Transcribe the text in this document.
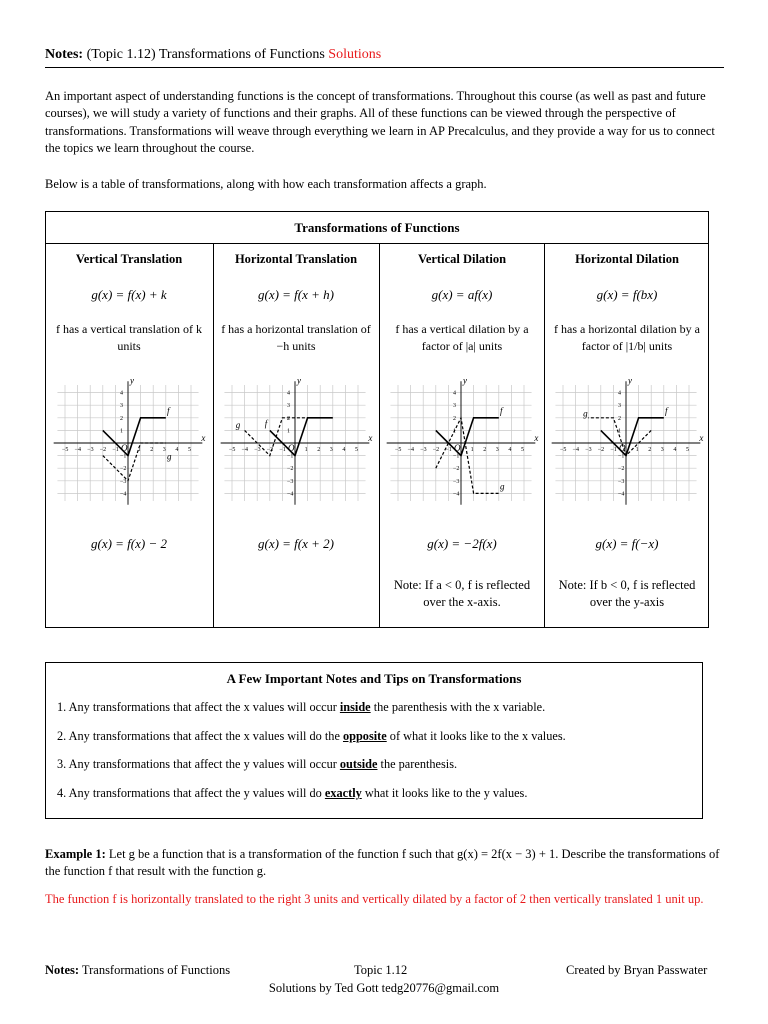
Notes: (Topic 1.12) Transformations of Functions Solutions
An important aspect of understanding functions is the concept of transformations. Throughout this course (as well as past and future courses), we will study a variety of functions and their graphs. All of these functions can be viewed through the perspective of transformations. Transformations will weave through everything we learn in AP Precalculus, and they provide a way for us to connect the topics we learn throughout the course.
Below is a table of transformations, along with how each transformation affects a graph.
Transformations of Functions
Vertical Translation
g(x) = f(x) + k
f has a vertical translation of k units
−5 −4 −3 −2 −1	1 2 3 4 5
4
3
2
1
−1
−2
−3
−4
O
x
y
f
g
g(x) = f(x) − 2
Horizontal Translation
g(x) = f(x + h)
f has a horizontal translation of −h units
−5 −4 −3 −2 −1	1 2 3 4 5
4
3
2
1
−1
−2
−3
−4
O
x
y
f
g
g(x) = f(x + 2)
Vertical Dilation
g(x) = af(x)
f has a vertical dilation by a factor of |a| units
−5 −4 −3 −2 −1	1 2 3 4 5
4
3
2
1
−1
−2
−3
−4
O
x
y
f
g
g(x) = −2f(x)
Note: If a < 0, f is reflected over the x-axis.
Horizontal Dilation
g(x) = f(bx)
f has a horizontal dilation by a factor of |1/b| units
−5 −4 −3 −2 −1	1 2 3 4 5
4
3
2
1
−1
−2
−3
−4
O
x
y
f
g
g(x) = f(−x)
Note: If b < 0, f is reflected over the y-axis
A Few Important Notes and Tips on Transformations
1. Any transformations that affect the x values will occur inside the parenthesis with the x variable.
2. Any transformations that affect the x values will do the opposite of what it looks like to the x values.
3. Any transformations that affect the y values will occur outside the parenthesis.
4. Any transformations that affect the y values will do exactly what it looks like to the y values.
Example 1: Let g be a function that is a transformation of the function f such that g(x) = 2f(x − 3) + 1. Describe the transformations of the function f that result with the function g.
The function f is horizontally translated to the right 3 units and vertically dilated by a factor of 2 then vertically translated 1 unit up.
Notes: Transformations of Functions	Topic 1.12	Created by Bryan Passwater
Solutions by Ted Gott tedg20776@gmail.com
